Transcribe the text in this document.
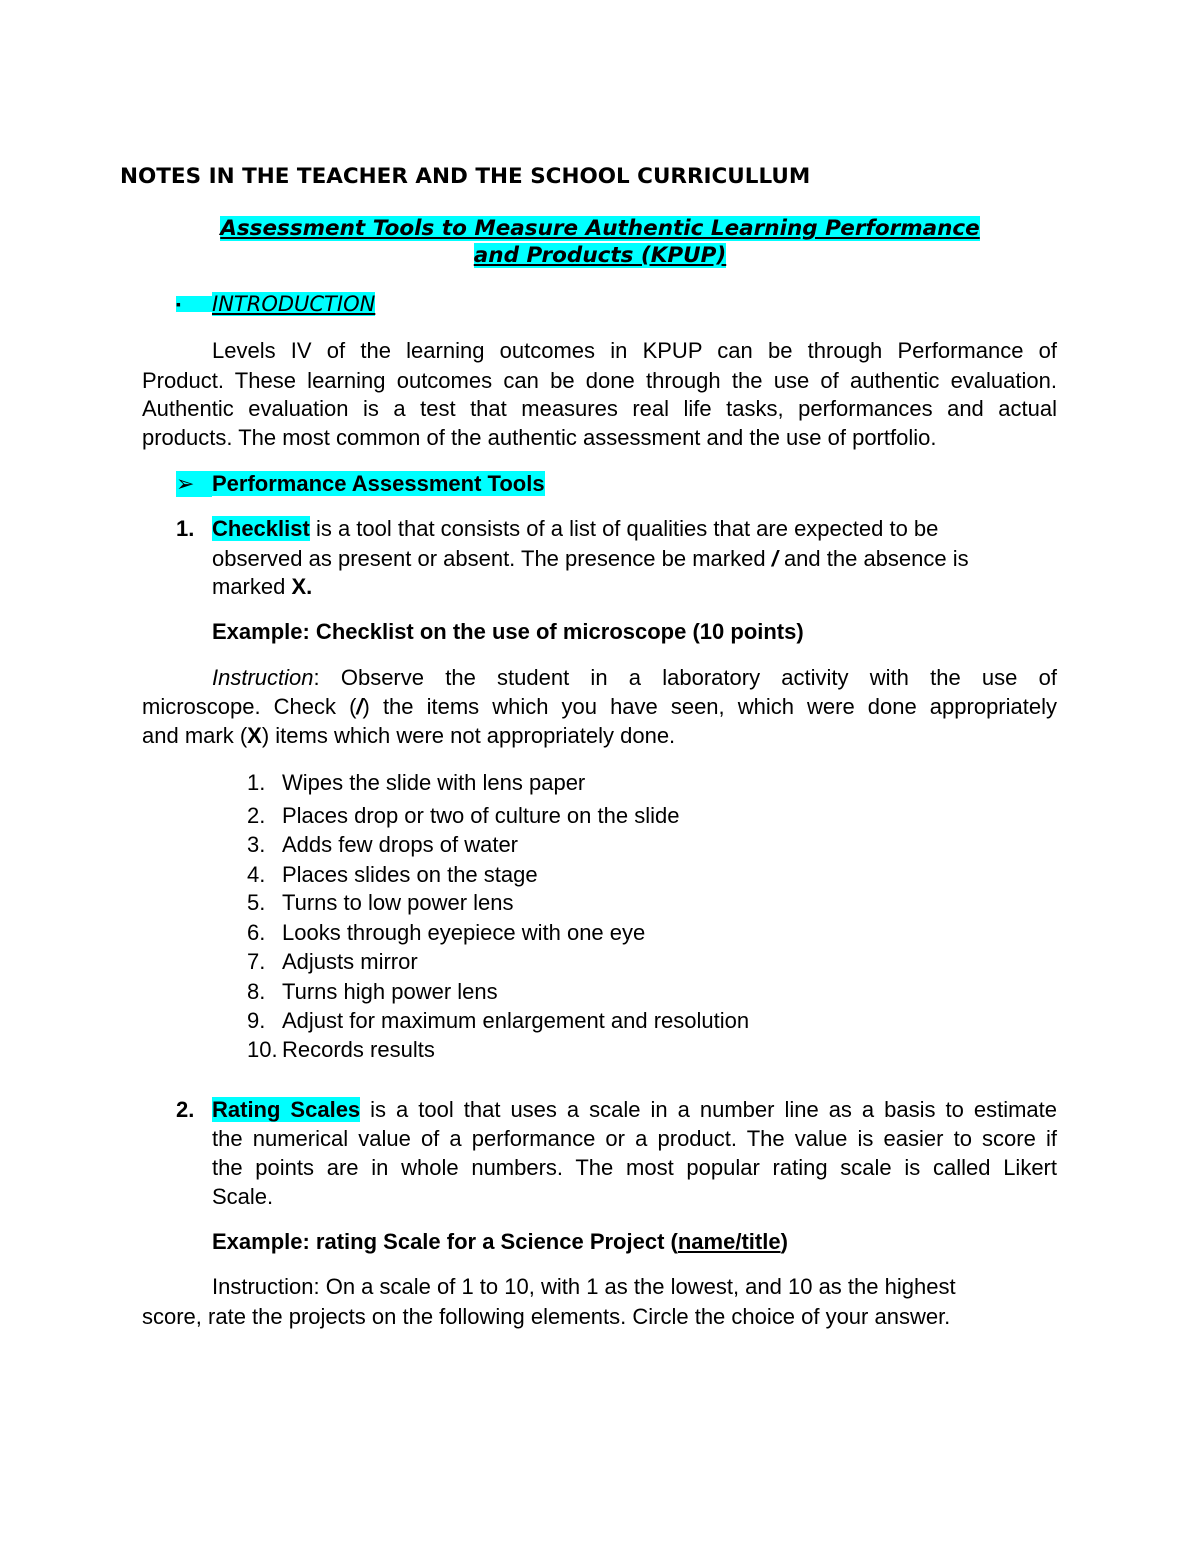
NOTES IN THE TEACHER AND THE SCHOOL CURRICULLUM
Assessment Tools to Measure Authentic Learning Performance
and Products (KPUP)
▪ INTRODUCTION
Levels IV of the learning outcomes in KPUP can be through Performance of
Product. These learning outcomes can be done through the use of authentic evaluation.
Authentic evaluation is a test that measures real life tasks, performances and actual
products. The most common of the authentic assessment and the use of portfolio.
➢ Performance Assessment Tools
1. Checklist is a tool that consists of a list of qualities that are expected to be
observed as present or absent. The presence be marked / and the absence is
marked X.
Example: Checklist on the use of microscope (10 points)
Instruction: Observe the student in a laboratory activity with the use of
microscope. Check (/) the items which you have seen, which were done appropriately
and mark (X) items which were not appropriately done.
1. Wipes the slide with lens paper
2. Places drop or two of culture on the slide
3. Adds few drops of water
4. Places slides on the stage
5. Turns to low power lens
6. Looks through eyepiece with one eye
7. Adjusts mirror
8. Turns high power lens
9. Adjust for maximum enlargement and resolution
10. Records results
2. Rating Scales is a tool that uses a scale in a number line as a basis to estimate
the numerical value of a performance or a product. The value is easier to score if
the points are in whole numbers. The most popular rating scale is called Likert
Scale.
Example: rating Scale for a Science Project (name/title)
Instruction: On a scale of 1 to 10, with 1 as the lowest, and 10 as the highest
score, rate the projects on the following elements. Circle the choice of your answer.
